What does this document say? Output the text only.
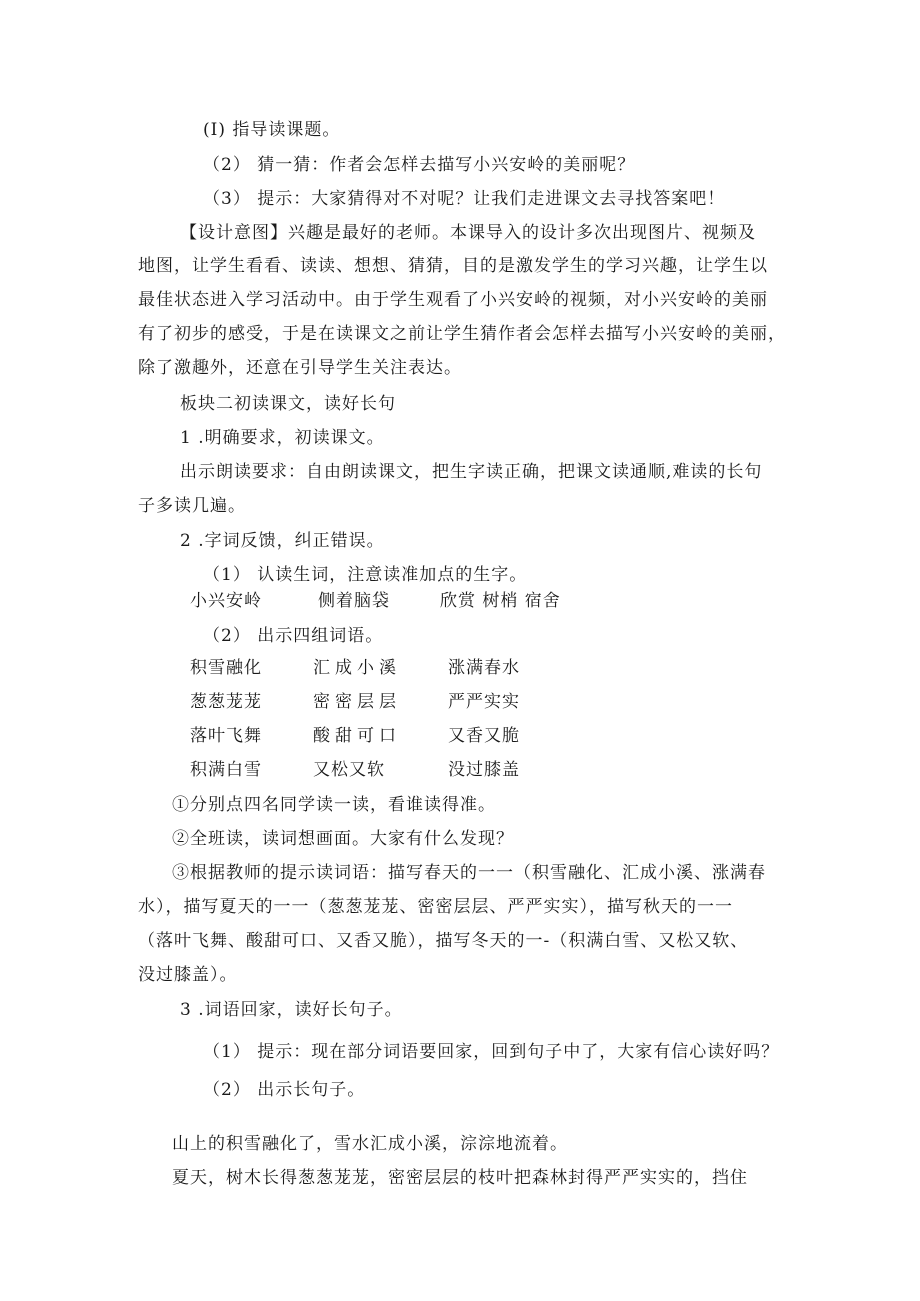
(I) 指导读课题。
（2） 猜一猜：作者会怎样去描写小兴安岭的美丽呢？
（3） 提示：大家猜得对不对呢？让我们走进课文去寻找答案吧！
【设计意图】兴趣是最好的老师。本课导入的设计多次出现图片、视频及
地图，让学生看看、读读、想想、猜猜，目的是激发学生的学习兴趣，让学生以
最佳状态进入学习活动中。由于学生观看了小兴安岭的视频，对小兴安岭的美丽
有了初步的感受，于是在读课文之前让学生猜作者会怎样去描写小兴安岭的美丽，
除了激趣外，还意在引导学生关注表达。
板块二初读课文，读好长句
1 .明确要求，初读课文。
出示朗读要求：自由朗读课文，把生字读正确，把课文读通顺,难读的长句
子多读几遍。
2 .字词反馈，纠正错误。
（1） 认读生词，注意读准加点的生字。
小兴安岭	侧着脑袋	欣赏 树梢 宿舍
（2） 出示四组词语。
积雪融化	汇成小溪	涨满春水
葱葱茏茏	密密层层	严严实实
落叶飞舞	酸甜可口	又香又脆
积满白雪	又松又软	没过膝盖
①分别点四名同学读一读，看谁读得准。
②全班读，读词想画面。大家有什么发现？
③根据教师的提示读词语：描写春天的一一（积雪融化、汇成小溪、涨满春
水），描写夏天的一一（葱葱茏茏、密密层层、严严实实），描写秋天的一一
（落叶飞舞、酸甜可口、又香又脆），描写冬天的一-（积满白雪、又松又软、
没过膝盖）。
3 .词语回家，读好长句子。
（1） 提示：现在部分词语要回家，回到句子中了，大家有信心读好吗？
（2） 出示长句子。
山上的积雪融化了，雪水汇成小溪，淙淙地流着。
夏天，树木长得葱葱茏茏，密密层层的枝叶把森林封得严严实实的，挡住
